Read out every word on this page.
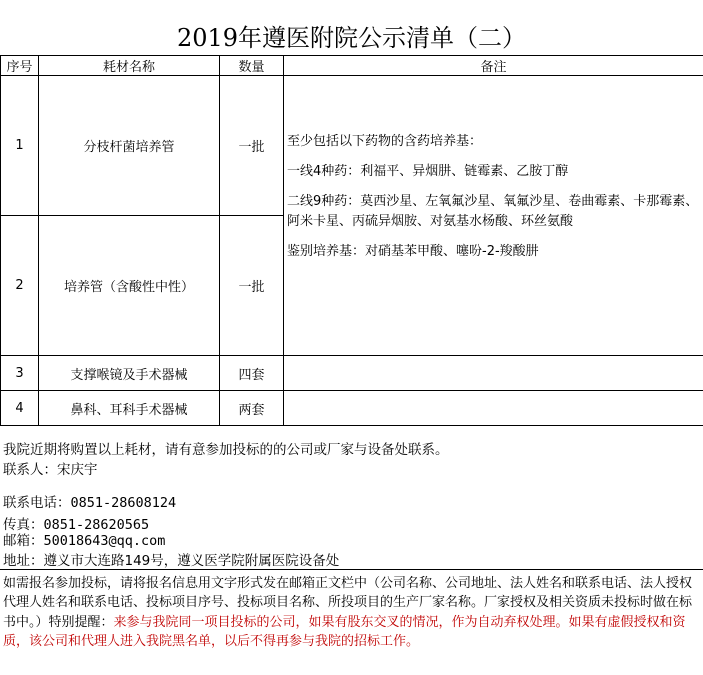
2019年遵医附院公示清单（二）
序号	耗材名称	数量	备注
1	分枝杆菌培养管	一批	至少包括以下药物的含药培养基：

一线4种药：利福平、异烟肼、链霉素、乙胺丁醇

二线9种药：莫西沙星、左氧氟沙星、氧氟沙星、卷曲霉素、卡那霉素、阿米卡星、丙硫异烟胺、对氨基水杨酸、环丝氨酸

鉴别培养基：对硝基苯甲酸、噻吩-2-羧酸肼

2	培养管（含酸性中性）	一批	
3	支撑喉镜及手术器械	四套	
4	鼻科、耳科手术器械	两套	
我院近期将购置以上耗材，请有意参加投标的的公司或厂家与设备处联系。
联系人：宋庆宇
联系电话：0851-28608124
传真：0851-28620565
邮箱：50018643@qq.com
地址：遵义市大连路149号，遵义医学院附属医院设备处
如需报名参加投标，请将报名信息用文字形式发在邮箱正文栏中（公司名称、公司地址、法人姓名和联系电话、法人授权代理人姓名和联系电话、投标项目序号、投标项目名称、所投项目的生产厂家名称。厂家授权及相关资质未投标时做在标书中。）特别提醒：来参与我院同一项目投标的公司，如果有股东交叉的情况，作为自动弃权处理。如果有虚假授权和资质，该公司和代理人进入我院黑名单，以后不得再参与我院的招标工作。
